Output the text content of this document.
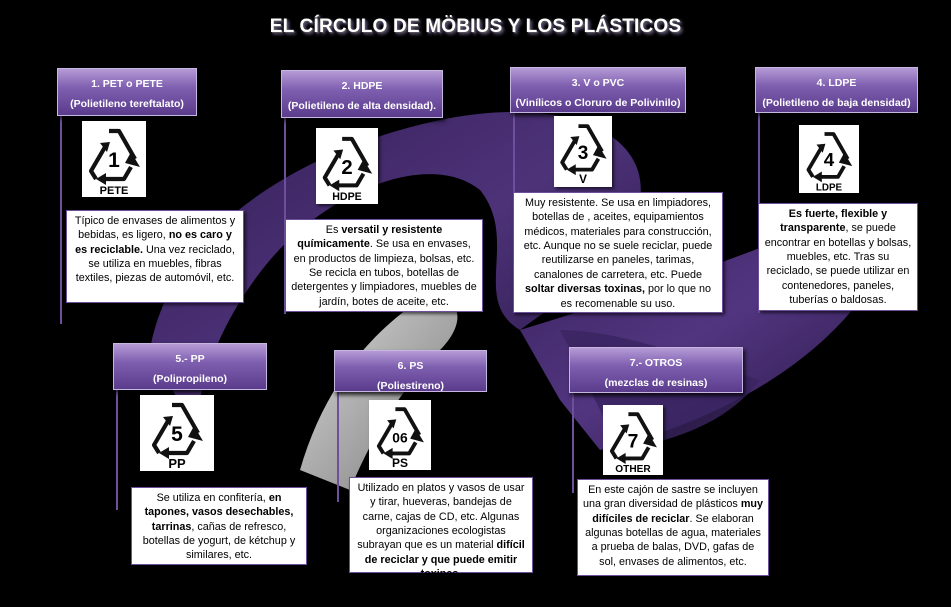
EL CÍRCULO DE MÖBIUS Y LOS PLÁSTICOS
1. PET o PETE
(Polietileno tereftalato)
1
PETE
Típico de envases de alimentos y bebidas, es ligero, no es caro y es reciclable. Una vez reciclado, se utiliza en muebles, fibras textiles, piezas de automóvil, etc.
2. HDPE
(Polietileno de alta densidad).
2
HDPE
Es versatil y resistente químicamente. Se usa en envases, en productos de limpieza, bolsas, etc. Se recicla en tubos, botellas de detergentes y limpiadores, muebles de jardín, botes de aceite, etc.
3. V o PVC
(Vinílicos o Cloruro de Polivinilo)
3
V
Muy resistente. Se usa en limpiadores, botellas de , aceites, equipamientos médicos, materiales para construcción, etc. Aunque no se suele reciclar, puede reutilizarse en paneles, tarimas, canalones de carretera, etc. Puede soltar diversas toxinas, por lo que no es recomenable su uso.
4. LDPE
(Polietileno de baja densidad)
4
LDPE
Es fuerte, flexible y transparente, se puede encontrar en botellas y bolsas, muebles, etc. Tras su reciclado, se puede utilizar en contenedores, paneles, tuberías o baldosas.
5.- PP
(Polipropileno)
5
PP
Se utiliza en confitería, en tapones, vasos desechables, tarrinas, cañas de refresco, botellas de yogurt, de kétchup y similares, etc.
6. PS
(Poliestireno)
06
PS
Utilizado en platos y vasos de usar y tirar, hueveras, bandejas de carne, cajas de CD, etc. Algunas organizaciones ecologistas subrayan que es un material difícil de reciclar y que puede emitir toxinas.
7.- OTROS
(mezclas de resinas)
7
OTHER
En este cajón de sastre se incluyen una gran diversidad de plásticos muy difíciles de reciclar. Se elaboran algunas botellas de agua, materiales a prueba de balas, DVD, gafas de sol, envases de alimentos, etc.
